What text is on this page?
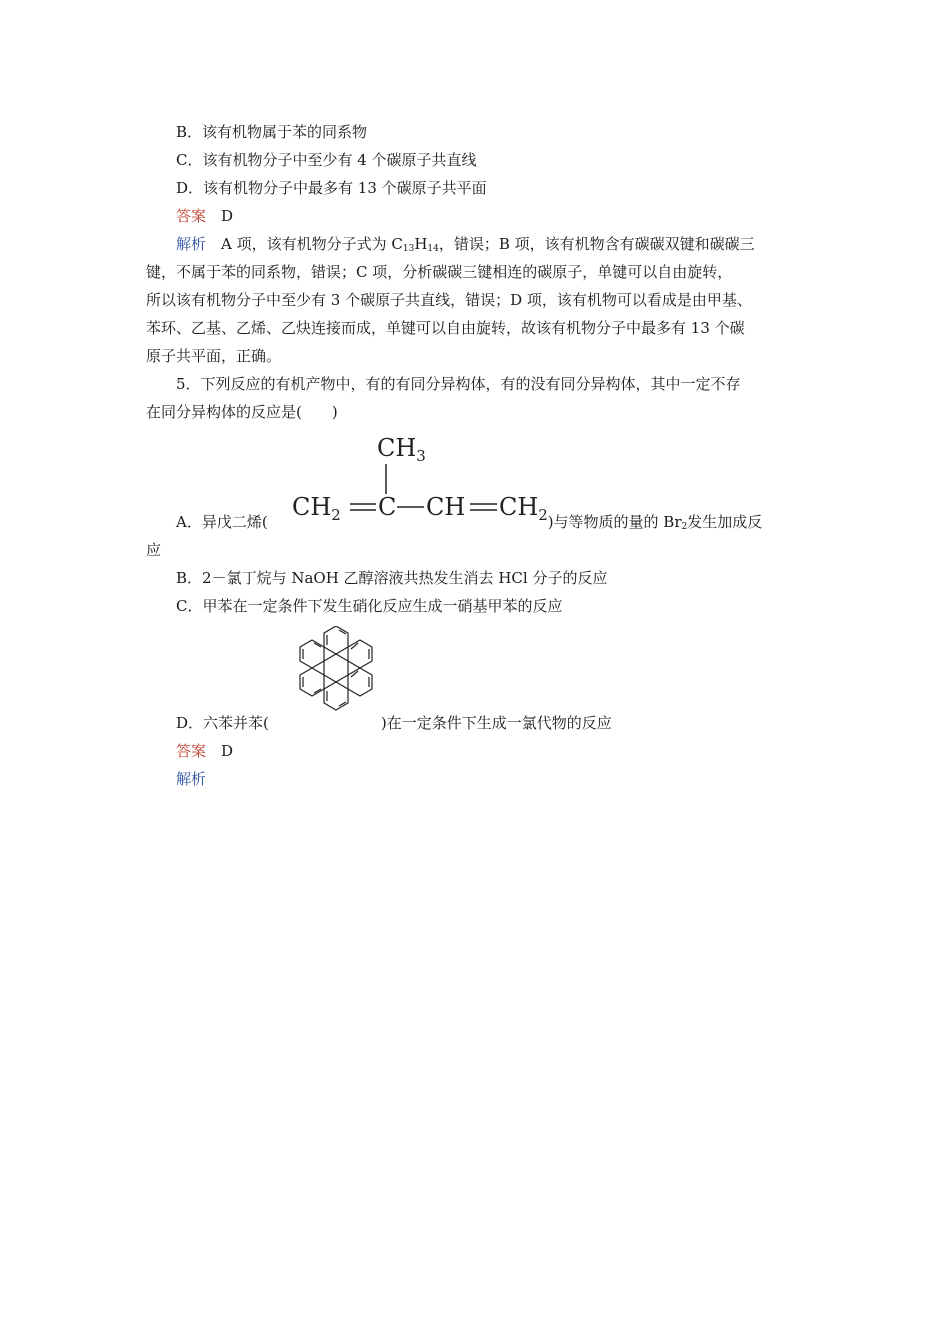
B．该有机物属于苯的同系物
C．该有机物分子中至少有 4 个碳原子共直线
D．该有机物分子中最多有 13 个碳原子共平面
答案  D
解析  A 项，该有机物分子式为 $C_{13}H_{14}$，错误；B 项，该有机物含有碳碳双键和碳碳三
键，不属于苯的同系物，错误；C 项，分析碳碳三键相连的碳原子，单键可以自由旋转，
所以该有机物分子中至少有 3 个碳原子共直线，错误；D 项，该有机物可以看成是由甲基、
苯环、乙基、乙烯、乙炔连接而成，单键可以自由旋转，故该有机物分子中最多有 13 个碳
原子共平面，正确。
5．下列反应的有机产物中，有的有同分异构体，有的没有同分异构体，其中一定不存
在同分异构体的反应是(　　)
$CH_3$
$CH_2$ C CH $CH_2$
A．异戊二烯(	)与等物质的量的 $Br_2$发生加成反
应
B．2－氯丁烷与 NaOH 乙醇溶液共热发生消去 HCl 分子的反应
C．甲苯在一定条件下发生硝化反应生成一硝基甲苯的反应
D．六苯并苯(	)在一定条件下生成一氯代物的反应
答案  D
解析
